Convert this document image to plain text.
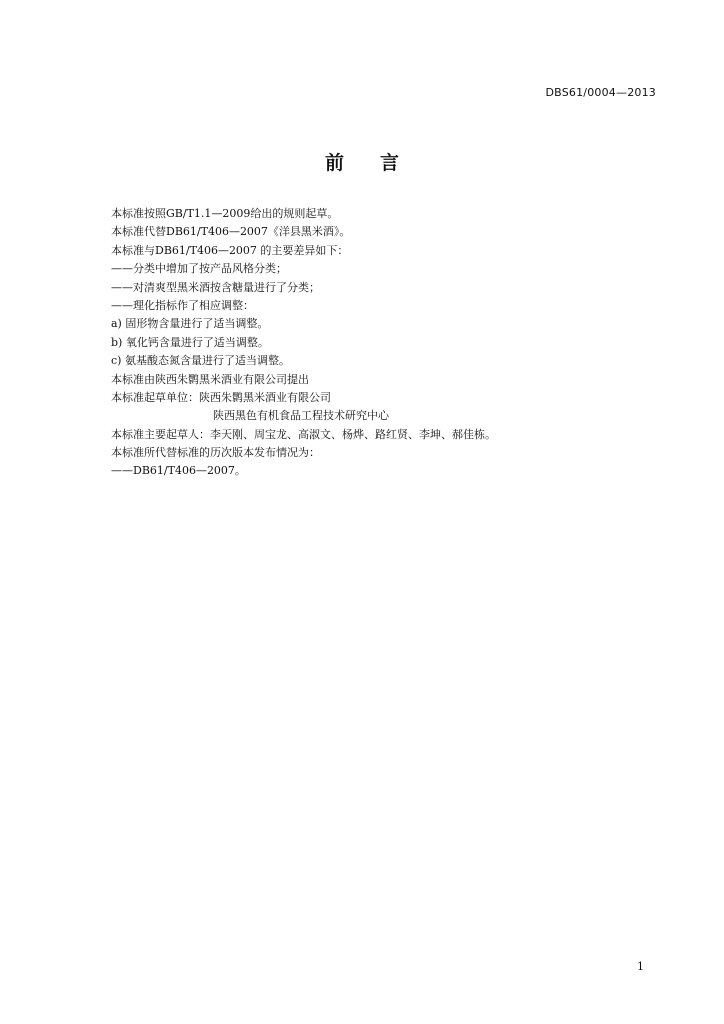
DBS61/0004—2013
前 言
本标准按照GB/T1.1—2009给出的规则起草。
本标准代替DB61/T406—2007《洋县黑米酒》。
本标准与DB61/T406—2007 的主要差异如下：
——分类中增加了按产品风格分类；
——对清爽型黑米酒按含糖量进行了分类；
——理化指标作了相应调整：
a) 固形物含量进行了适当调整。
b) 氧化钙含量进行了适当调整。
c) 氨基酸态氮含量进行了适当调整。
本标准由陕西朱鹮黑米酒业有限公司提出
本标准起草单位：陕西朱鹮黑米酒业有限公司
陕西黑色有机食品工程技术研究中心
本标准主要起草人：李天刚、周宝龙、高淑文、杨烨、路红贤、李坤、郝佳栋。
本标准所代替标准的历次版本发布情况为：
——DB61/T406—2007。
1
